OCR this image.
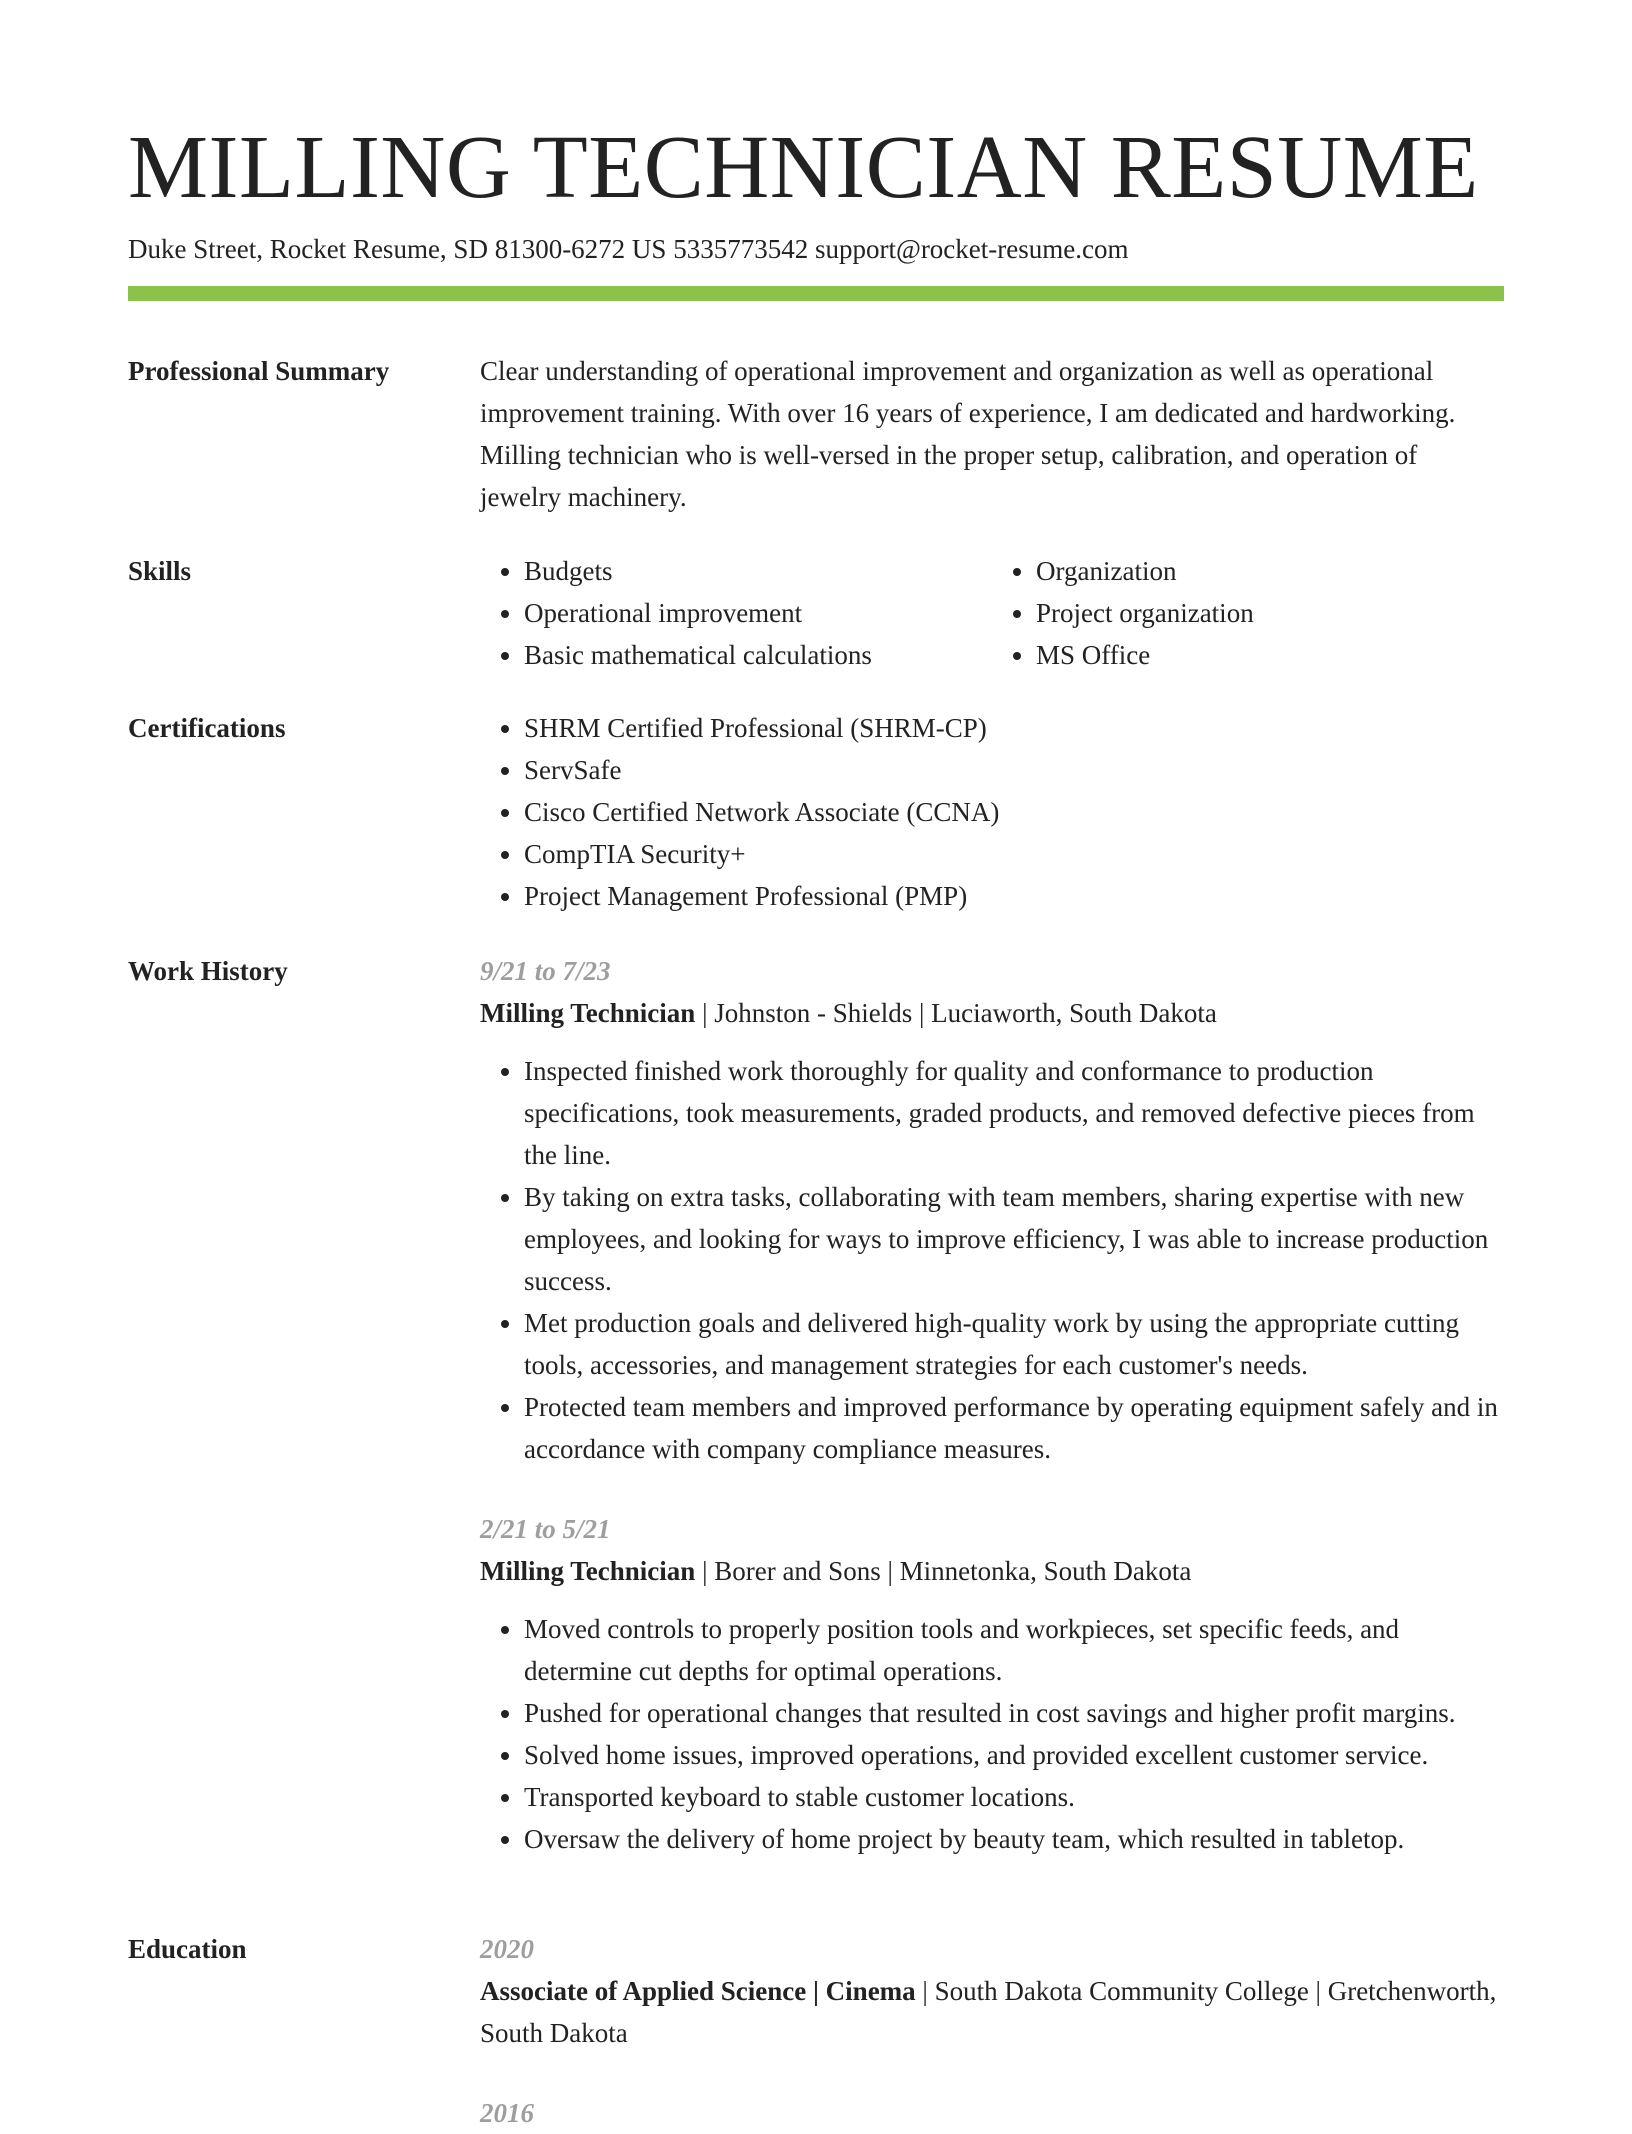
MILLING TECHNICIAN RESUME
Duke Street, Rocket Resume, SD 81300-6272 US 5335773542 support@rocket-resume.com
Professional Summary	Clear understanding of operational improvement and organization as well as operational improvement training. With over 16 years of experience, I am dedicated and hardworking. Milling technician who is well-versed in the proper setup, calibration, and operation of jewelry machinery.

Skills	• Budgets
• Operational improvement
• Basic mathematical calculations
• Organization
• Project organization
• MS Office
Certifications	• SHRM Certified Professional (SHRM-CP)
• ServSafe
• Cisco Certified Network Associate (CCNA)
• CompTIA Security+
• Project Management Professional (PMP)
Work History	9/21 to 7/23
Milling Technician | Johnston - Shields | Luciaworth, South Dakota
• Inspected finished work thoroughly for quality and conformance to production specifications, took measurements, graded products, and removed defective pieces from the line.
• By taking on extra tasks, collaborating with team members, sharing expertise with new employees, and looking for ways to improve efficiency, I was able to increase production success.
• Met production goals and delivered high-quality work by using the appropriate cutting tools, accessories, and management strategies for each customer's needs.
• Protected team members and improved performance by operating equipment safely and in accordance with company compliance measures.
2/21 to 5/21
Milling Technician | Borer and Sons | Minnetonka, South Dakota
• Moved controls to properly position tools and workpieces, set specific feeds, and determine cut depths for optimal operations.
• Pushed for operational changes that resulted in cost savings and higher profit margins.
• Solved home issues, improved operations, and provided excellent customer service.
• Transported keyboard to stable customer locations.
• Oversaw the delivery of home project by beauty team, which resulted in tabletop.
Education	2020
Associate of Applied Science | Cinema | South Dakota Community College | Gretchenworth, South Dakota
2016
